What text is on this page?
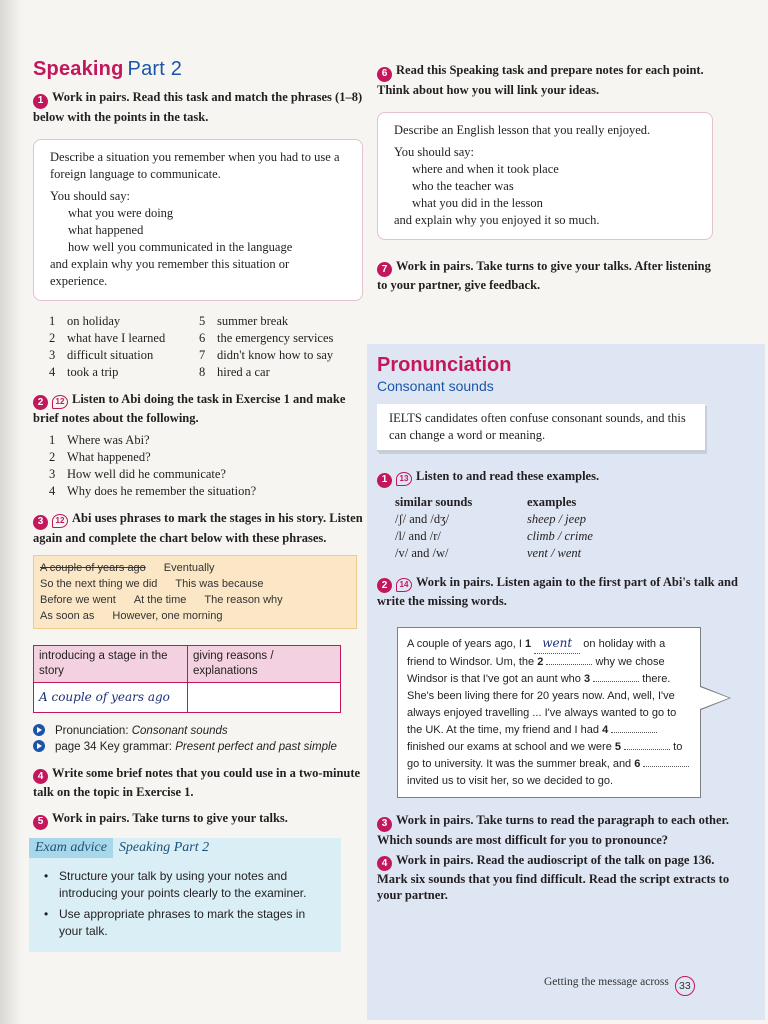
Speaking Part 2
1 Work in pairs. Read this task and match the phrases (1–8) below with the points in the task.
Describe a situation you remember when you had to use a foreign language to communicate.
You should say:
what you were doing
what happened
how well you communicated in the language
and explain why you remember this situation or experience.
1 on holiday	5 summer break
2 what have I learned	6 the emergency services
3 difficult situation	7 didn't know how to say
4 took a trip	8 hired a car
2 12 Listen to Abi doing the task in Exercise 1 and make brief notes about the following.
1 Where was Abi?
2 What happened?
3 How well did he communicate?
4 Why does he remember the situation?
3 12 Abi uses phrases to mark the stages in his story. Listen again and complete the chart below with these phrases.
A couple of years ago Eventually
So the next thing we did This was because
Before we went At the time The reason why
As soon as However, one morning
introducing a stage in the story	giving reasons / explanations
A couple of years ago	
Pronunciation: Consonant sounds
page 34 Key grammar: Present perfect and past simple
4 Write some brief notes that you could use in a two-minute talk on the topic in Exercise 1.
5 Work in pairs. Take turns to give your talks.
Exam advice Speaking Part 2
• Structure your talk by using your notes and introducing your points clearly to the examiner.
• Use appropriate phrases to mark the stages in your talk.
6 Read this Speaking task and prepare notes for each point. Think about how you will link your ideas.
Describe an English lesson that you really enjoyed.
You should say:
where and when it took place
who the teacher was
what you did in the lesson
and explain why you enjoyed it so much.
7 Work in pairs. Take turns to give your talks. After listening to your partner, give feedback.
Pronunciation
Consonant sounds
IELTS candidates often confuse consonant sounds, and this can change a word or meaning.
1 13 Listen to and read these examples.
similar sounds	examples
/ʃ/ and /dʒ/	sheep / jeep
/l/ and /r/	climb / crime
/v/ and /w/	vent / went
2 14 Work in pairs. Listen again to the first part of Abi's talk and write the missing words.
A couple of years ago, I 1 went on holiday with a friend to Windsor. Um, the 2	why we chose Windsor is that I've got an aunt who 3	there. She's been living there for 20 years now. And, well, I've always enjoyed travelling ... I've always wanted to go to the UK. At the time, my friend and I had 4  finished our exams at school and we were 5	to go to university. It was the summer break, and 6  invited us to visit her, so we decided to go.
3 Work in pairs. Take turns to read the paragraph to each other. Which sounds are most difficult for you to pronounce?
4 Work in pairs. Read the audioscript of the talk on page 136. Mark six sounds that you find difficult. Read the script extracts to your partner.
Getting the message across 33
